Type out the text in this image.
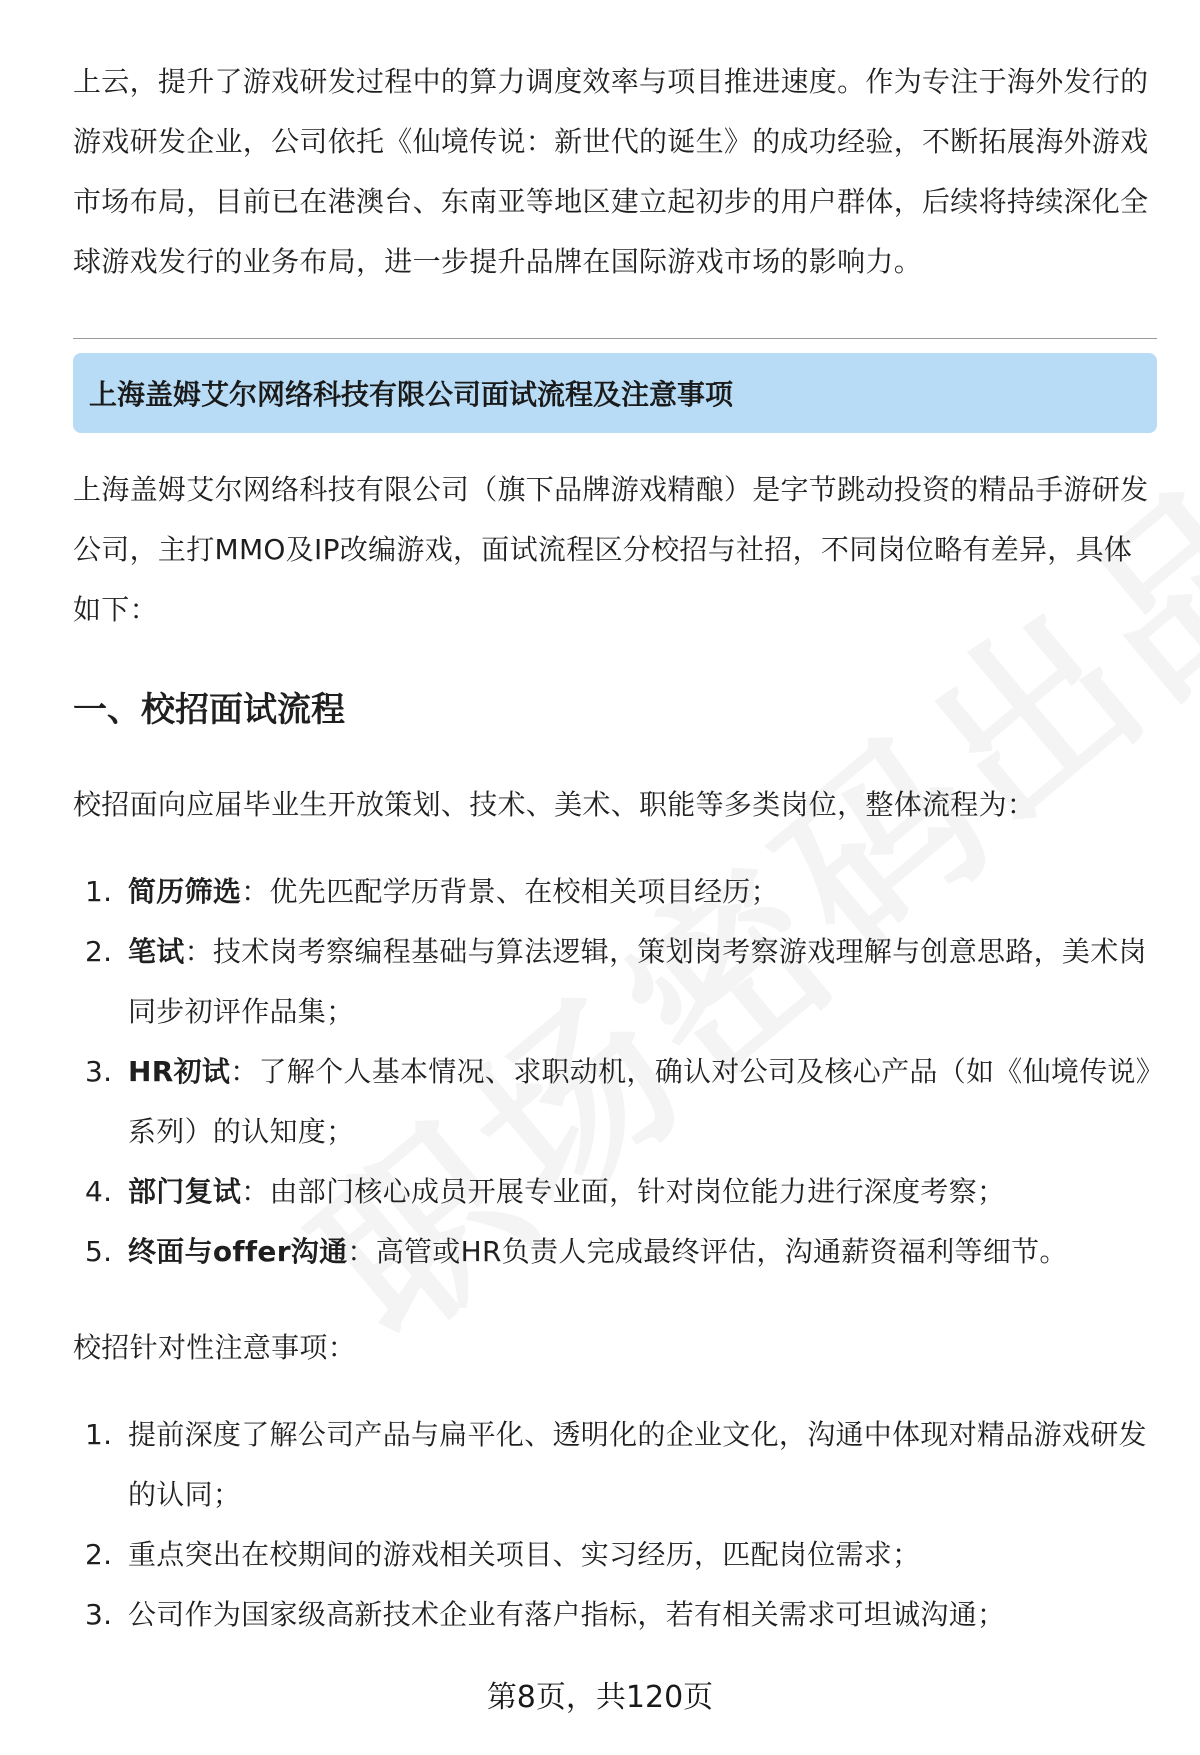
上云，提升了游戏研发过程中的算力调度效率与项目推进速度。作为专注于海外发行的游戏研发企业，公司依托《仙境传说：新世代的诞生》的成功经验，不断拓展海外游戏市场布局，目前已在港澳台、东南亚等地区建立起初步的用户群体，后续将持续深化全球游戏发行的业务布局，进一步提升品牌在国际游戏市场的影响力。

上海盖姆艾尔网络科技有限公司面试流程及注意事项

上海盖姆艾尔网络科技有限公司（旗下品牌游戏精酿）是字节跳动投资的精品手游研发公司，主打MMO及IP改编游戏，面试流程区分校招与社招，不同岗位略有差异，具体如下：

一、校招面试流程

校招面向应届毕业生开放策划、技术、美术、职能等多类岗位，整体流程为：

1. 简历筛选：优先匹配学历背景、在校相关项目经历；
2. 笔试：技术岗考察编程基础与算法逻辑，策划岗考察游戏理解与创意思路，美术岗同步初评作品集；
3. HR初试：了解个人基本情况、求职动机，确认对公司及核心产品（如《仙境传说》系列）的认知度；
4. 部门复试：由部门核心成员开展专业面，针对岗位能力进行深度考察；
5. 终面与offer沟通：高管或HR负责人完成最终评估，沟通薪资福利等细节。

校招针对性注意事项：

1. 提前深度了解公司产品与扁平化、透明化的企业文化，沟通中体现对精品游戏研发的认同；
2. 重点突出在校期间的游戏相关项目、实习经历，匹配岗位需求；
3. 公司作为国家级高新技术企业有落户指标，若有相关需求可坦诚沟通；
第8页，共120页
